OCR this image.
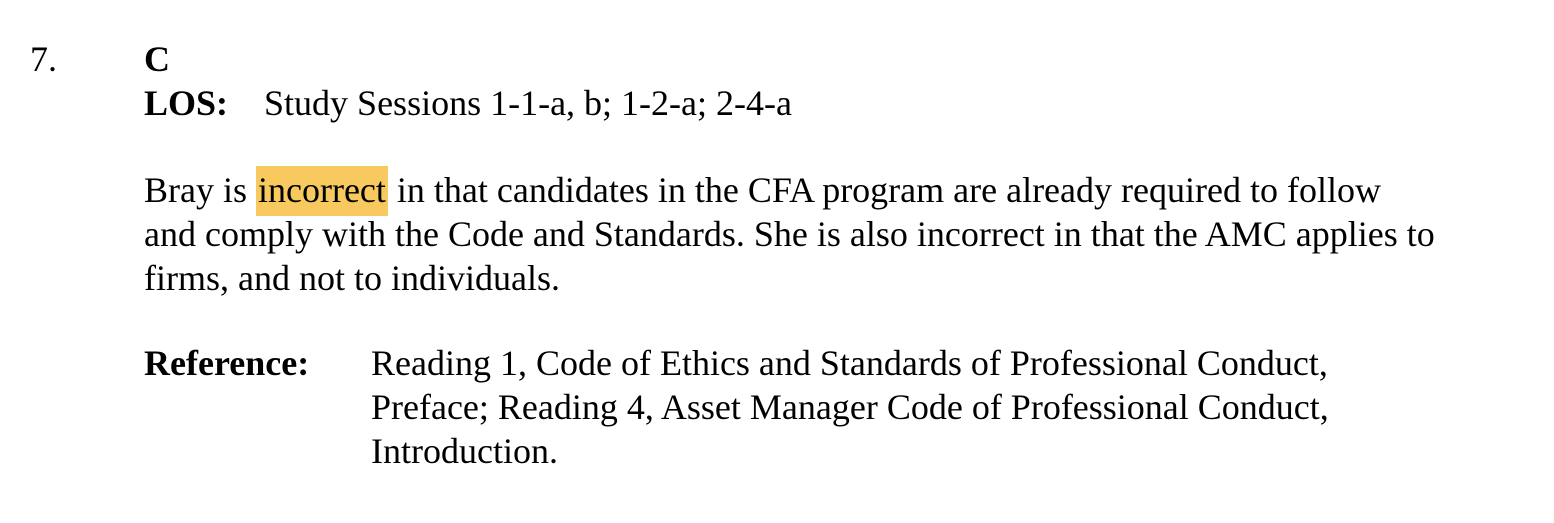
7. C
LOS: Study Sessions 1-1-a, b; 1-2-a; 2-4-a
Bray is incorrect in that candidates in the CFA program are already required to follow
and comply with the Code and Standards. She is also incorrect in that the AMC applies to
firms, and not to individuals.
Reference: Reading 1, Code of Ethics and Standards of Professional Conduct,
Preface; Reading 4, Asset Manager Code of Professional Conduct,
Introduction.
